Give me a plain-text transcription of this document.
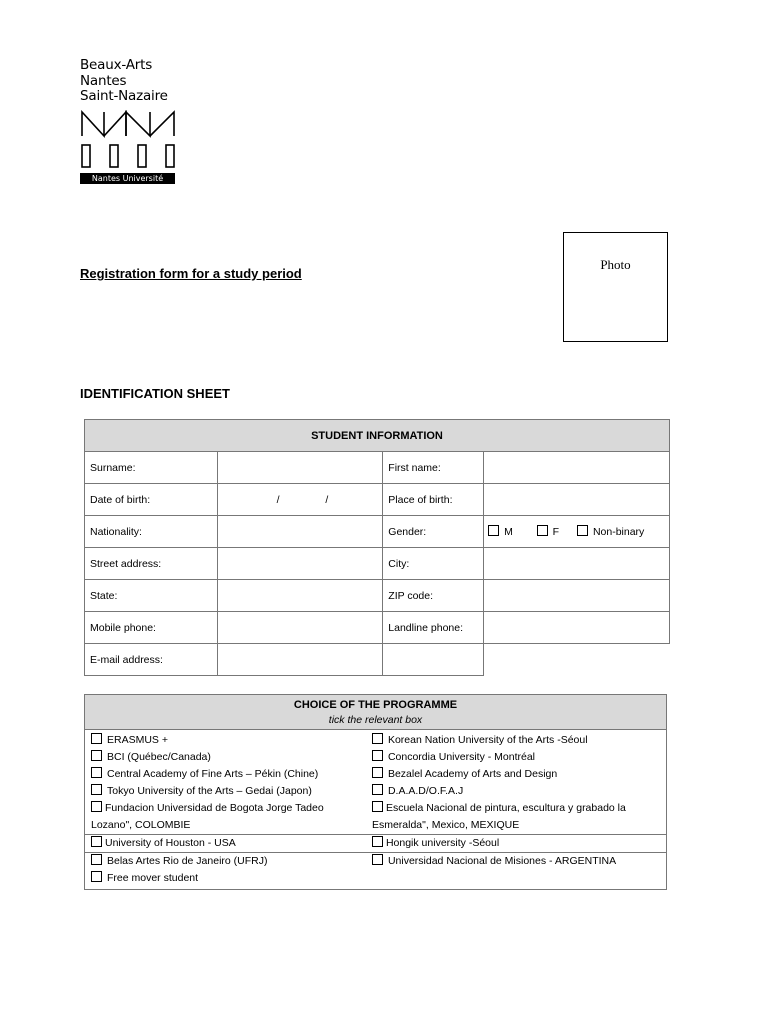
Beaux-Arts
Nantes
Saint-Nazaire
Nantes Université
Photo
Registration form for a study period
IDENTIFICATION SHEET
STUDENT INFORMATION			
Surname:		First name:	
Date of birth:	/ /	Place of birth:	
Nationality:		Gender:	M F Non-binary
Street address:		City:	
State:		ZIP code:	
Mobile phone:		Landline phone:	
E-mail address:			
CHOICE OF THE PROGRAMME
tick the relevant box

ERASMUS +
BCI (Québec/Canada)
Central Academy of Fine Arts – Pékin (Chine)
Tokyo University of the Arts – Gedai (Japon)
Fundacion Universidad de Bogota Jorge Tadeo
Lozano", COLOMBIE
University of Houston - USA
Belas Artes Rio de Janeiro (UFRJ)
Free mover student

Korean Nation University of the Arts -Séoul
Concordia University - Montréal
Bezalel Academy of Arts and Design
D.A.A.D/O.F.A.J
Escuela Nacional de pintura, escultura y grabado la
Esmeralda", Mexico, MEXIQUE
Hongik university -Séoul
Universidad Nacional de Misiones - ARGENTINA
